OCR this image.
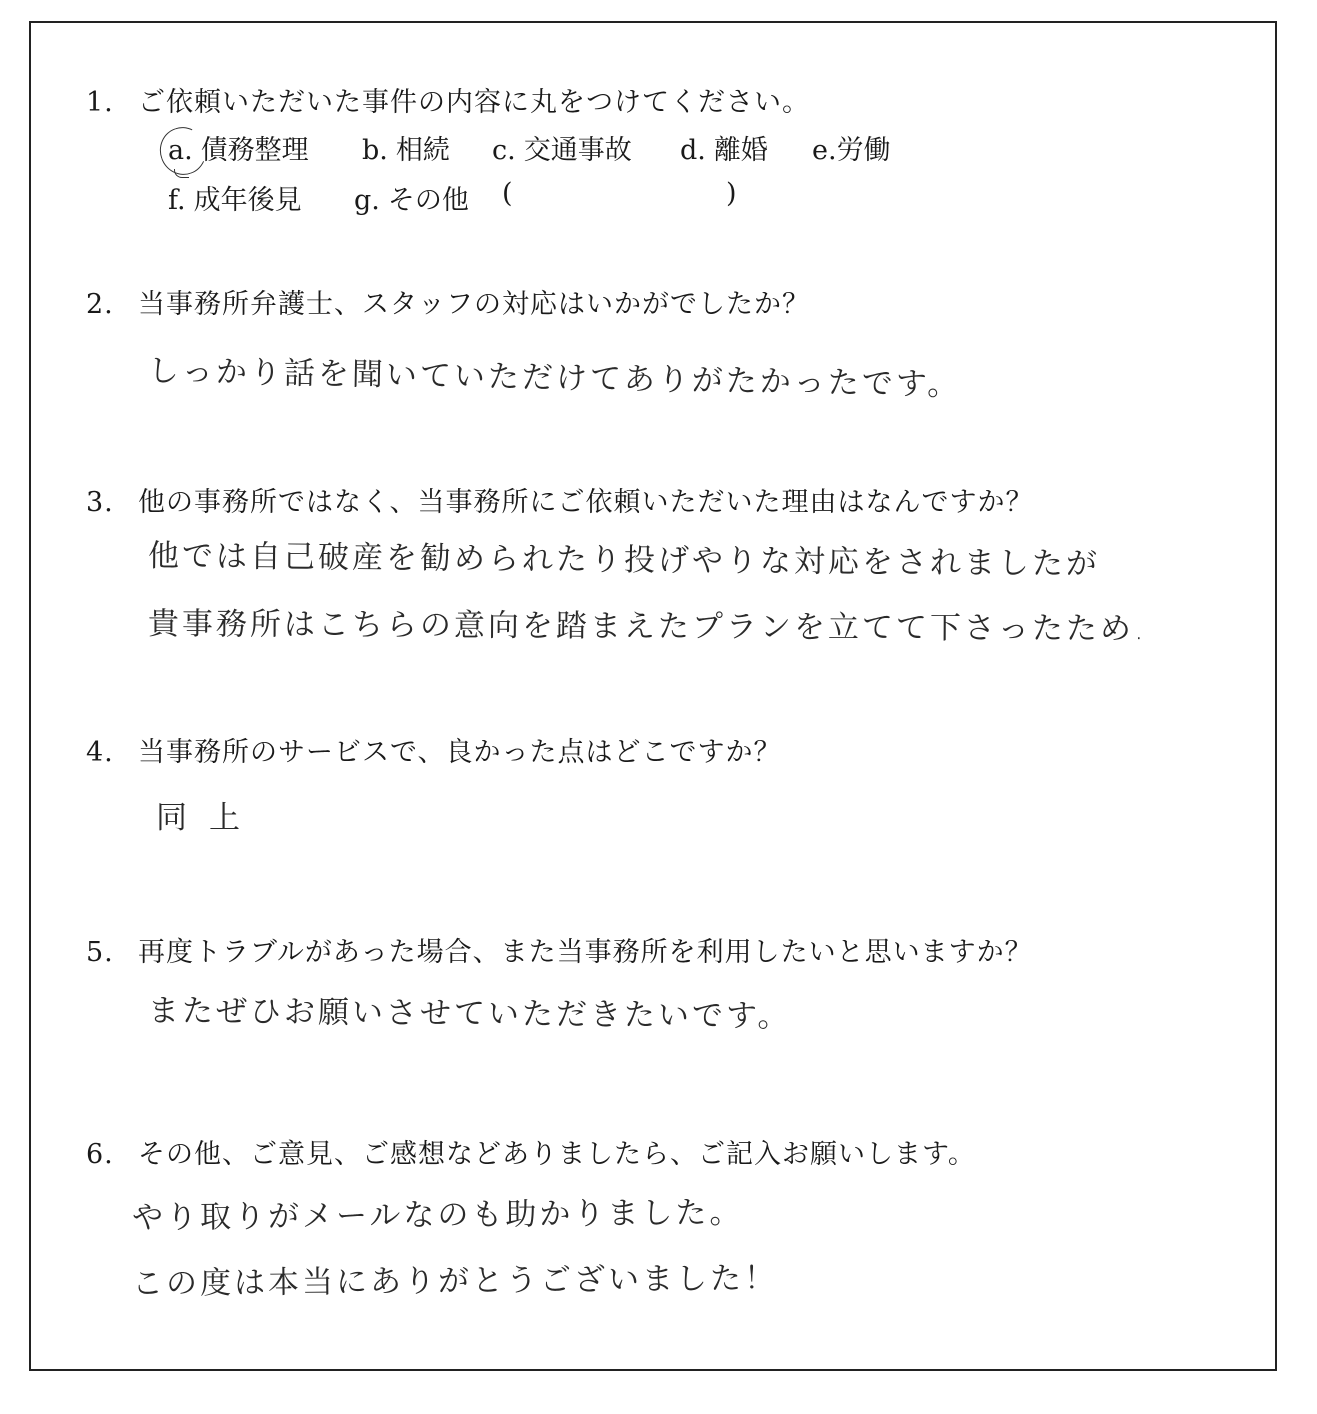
1. ご依頼いただいた事件の内容に丸をつけてください。
a. 債務整理 b. 相続 c. 交通事故 d. 離婚 e.労働
f. 成年後見 g. その他 (	)
2. 当事務所弁護士、スタッフの対応はいかがでしたか？
しっかり話を聞いていただけてありがたかったです。
3. 他の事務所ではなく、当事務所にご依頼いただいた理由はなんですか？
他では自己破産を勧められたり投げやりな対応をされましたが
貴事務所はこちらの意向を踏まえたプランを立てて下さったため.
4. 当事務所のサービスで、良かった点はどこですか？
同上
5. 再度トラブルがあった場合、また当事務所を利用したいと思いますか？
またぜひお願いさせていただきたいです。
6. その他、ご意見、ご感想などありましたら、ご記入お願いします。
やり取りがメールなのも助かりました。
この度は本当にありがとうございました！
